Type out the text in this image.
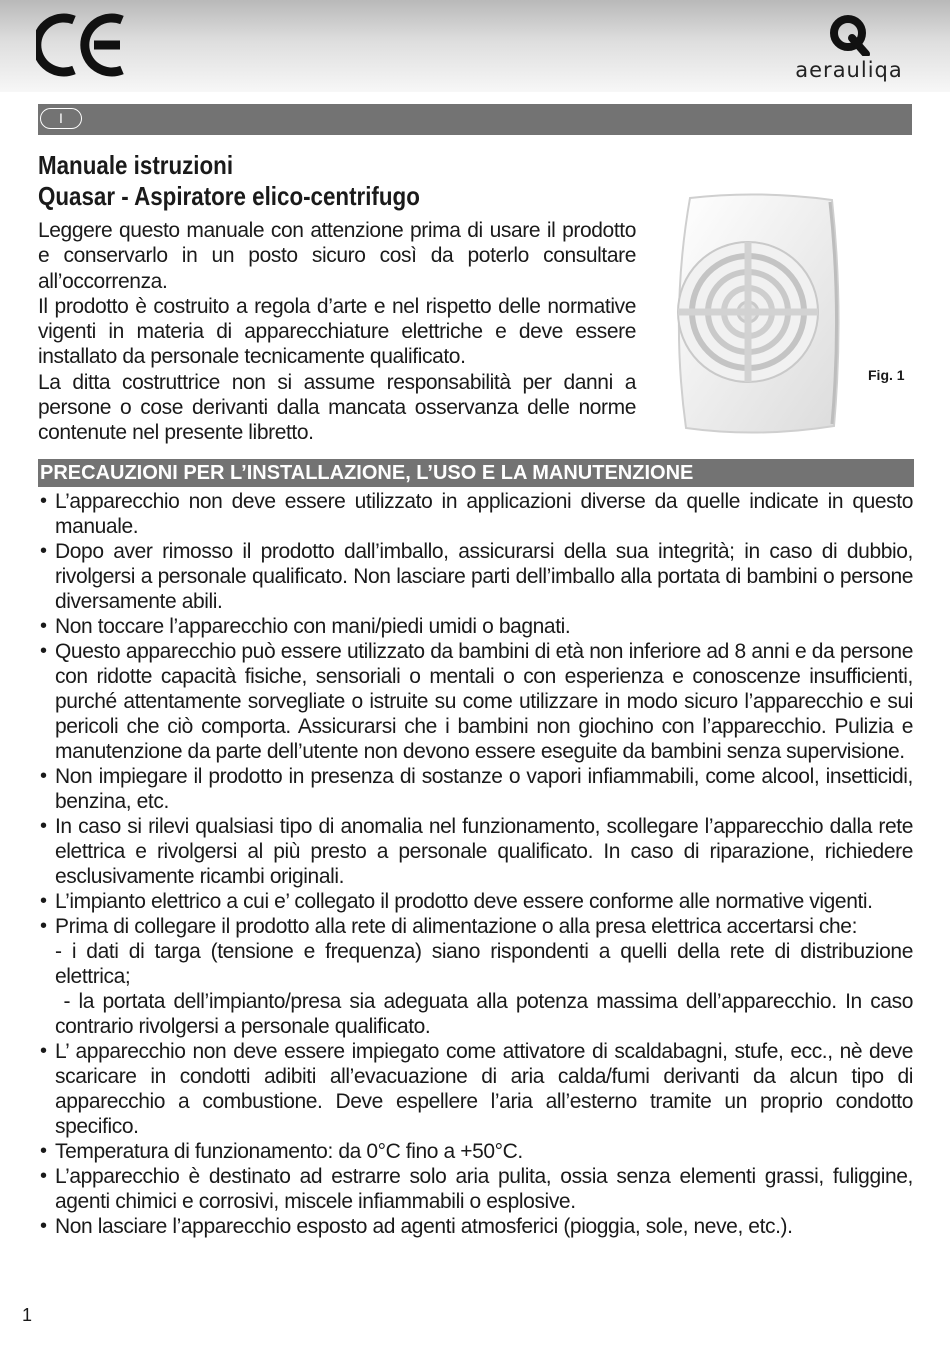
aerauliqa
I
Manuale istruzioni
Quasar - Aspiratore elico-centrifugo

Leggere questo manuale con attenzione prima di usare il prodotto e conservarlo in un posto sicuro così da poterlo consultare all’occorrenza.

Il prodotto è costruito a regola d’arte e nel rispetto delle normative vigenti in materia di apparecchiature elettriche e deve essere installato da personale tecnicamente qualificato.

La ditta costruttrice non si assume responsabilità per danni a persone o cose derivanti dalla mancata osservanza delle norme contenute nel presente libretto.

Fig. 1
PRECAUZIONI PER L’INSTALLAZIONE, L’USO E LA MANUTENZIONE
• L’apparecchio non deve essere utilizzato in applicazioni diverse da quelle indicate in questo manuale.

• Dopo aver rimosso il prodotto dall’imballo, assicurarsi della sua integrità; in caso di dubbio, rivolgersi a personale qualificato. Non lasciare parti dell’imballo alla portata di bambini o persone diversamente abili.

• Non toccare l’apparecchio con mani/piedi umidi o bagnati.

• Questo apparecchio può essere utilizzato da bambini di età non inferiore ad 8 anni e da persone con ridotte capacità fisiche, sensoriali o mentali o con esperienza e conoscenze insufficienti, purché attentamente sorvegliate o istruite su come utilizzare in modo sicuro l’apparecchio e sui pericoli che ciò comporta. Assicurarsi che i bambini non giochino con l’apparecchio. Pulizia e manutenzione da parte dell’utente non devono essere eseguite da bambini senza supervisione.

• Non impiegare il prodotto in presenza di sostanze o vapori infiammabili, come alcool, insetticidi, benzina, etc.

• In caso si rilevi qualsiasi tipo di anomalia nel funzionamento, scollegare l’apparecchio dalla rete elettrica e rivolgersi al più presto a personale qualificato. In caso di riparazione, richiedere esclusivamente ricambi originali.

• L’impianto elettrico a cui e’ collegato il prodotto deve essere conforme alle normative vigenti.

• Prima di collegare il prodotto alla rete di alimentazione o alla presa elettrica accertarsi che:

- i dati di targa (tensione e frequenza) siano rispondenti a quelli della rete di distribuzione elettrica;

- la portata dell’impianto/presa sia adeguata alla potenza massima dell’apparecchio. In caso contrario rivolgersi a personale qualificato.

• L’ apparecchio non deve essere impiegato come attivatore di scaldabagni, stufe, ecc., nè deve scaricare in condotti adibiti all’evacuazione di aria calda/fumi derivanti da alcun tipo di apparecchio a combustione. Deve espellere l’aria all’esterno tramite un proprio condotto specifico.

• Temperatura di funzionamento: da 0°C fino a +50°C.

• L’apparecchio è destinato ad estrarre solo aria pulita, ossia senza elementi grassi, fuliggine, agenti chimici e corrosivi, miscele infiammabili o esplosive.

• Non lasciare l’apparecchio esposto ad agenti atmosferici (pioggia, sole, neve, etc.).

1
